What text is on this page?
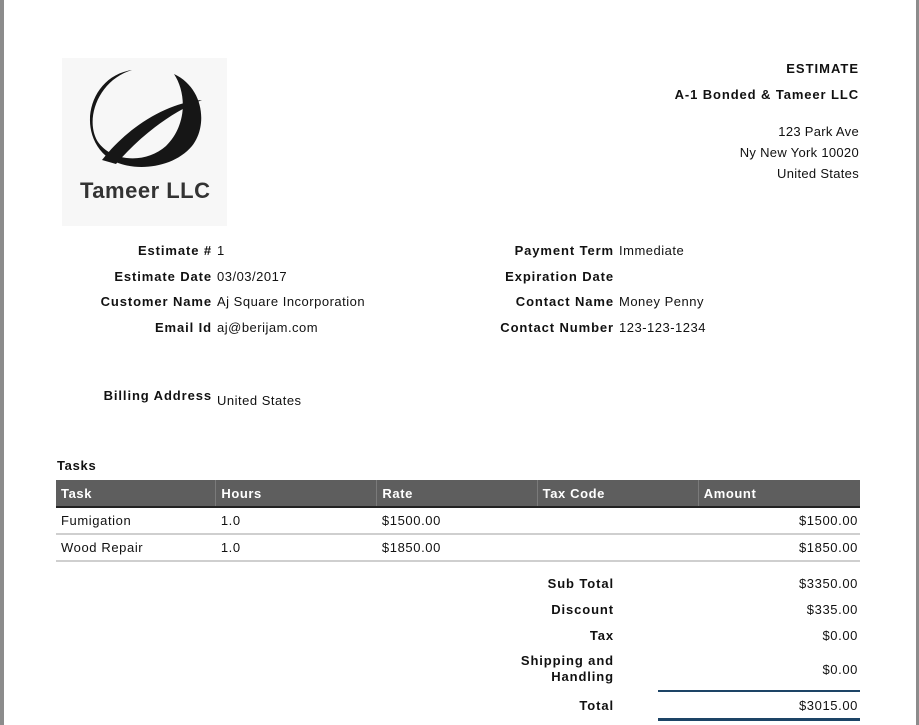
Tameer LLC
ESTIMATE
A-1 Bonded & Tameer LLC
123 Park Ave
Ny New York 10020
United States
Estimate # 1
Estimate Date 03/03/2017
Customer Name Aj Square Incorporation
Email Id aj@berijam.com
Payment Term Immediate
Expiration Date
Contact Name Money Penny
Contact Number 123-123-1234
Billing Address United States
Tasks
Task	Hours	Rate	Tax Code	Amount
Fumigation	1.0	$1500.00		$1500.00
Wood Repair	1.0	$1850.00		$1850.00
Sub Total	$3350.00
Discount	$335.00
Tax	$0.00
Shipping and Handling	$0.00
Total	$3015.00
